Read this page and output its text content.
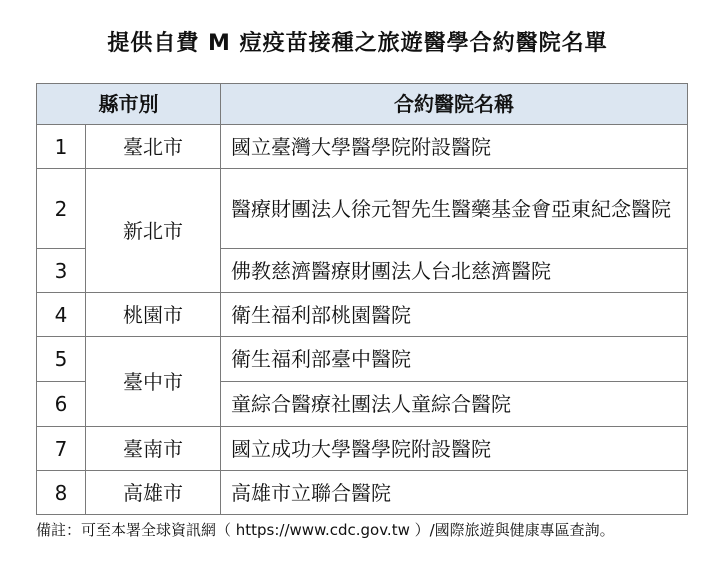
提供自費 M 痘疫苗接種之旅遊醫學合約醫院名單
縣市別		合約醫院名稱
1	臺北市	國立臺灣大學醫學院附設醫院
2	新北市	醫療財團法人徐元智先生醫藥基金會亞東紀念醫院
3		佛教慈濟醫療財團法人台北慈濟醫院
4	桃園市	衛生福利部桃園醫院
5	臺中市	衛生福利部臺中醫院
6		童綜合醫療社團法人童綜合醫院
7	臺南市	國立成功大學醫學院附設醫院
8	高雄市	高雄市立聯合醫院
備註：可至本署全球資訊網（ https://www.cdc.gov.tw ）/國際旅遊與健康專區查詢。
